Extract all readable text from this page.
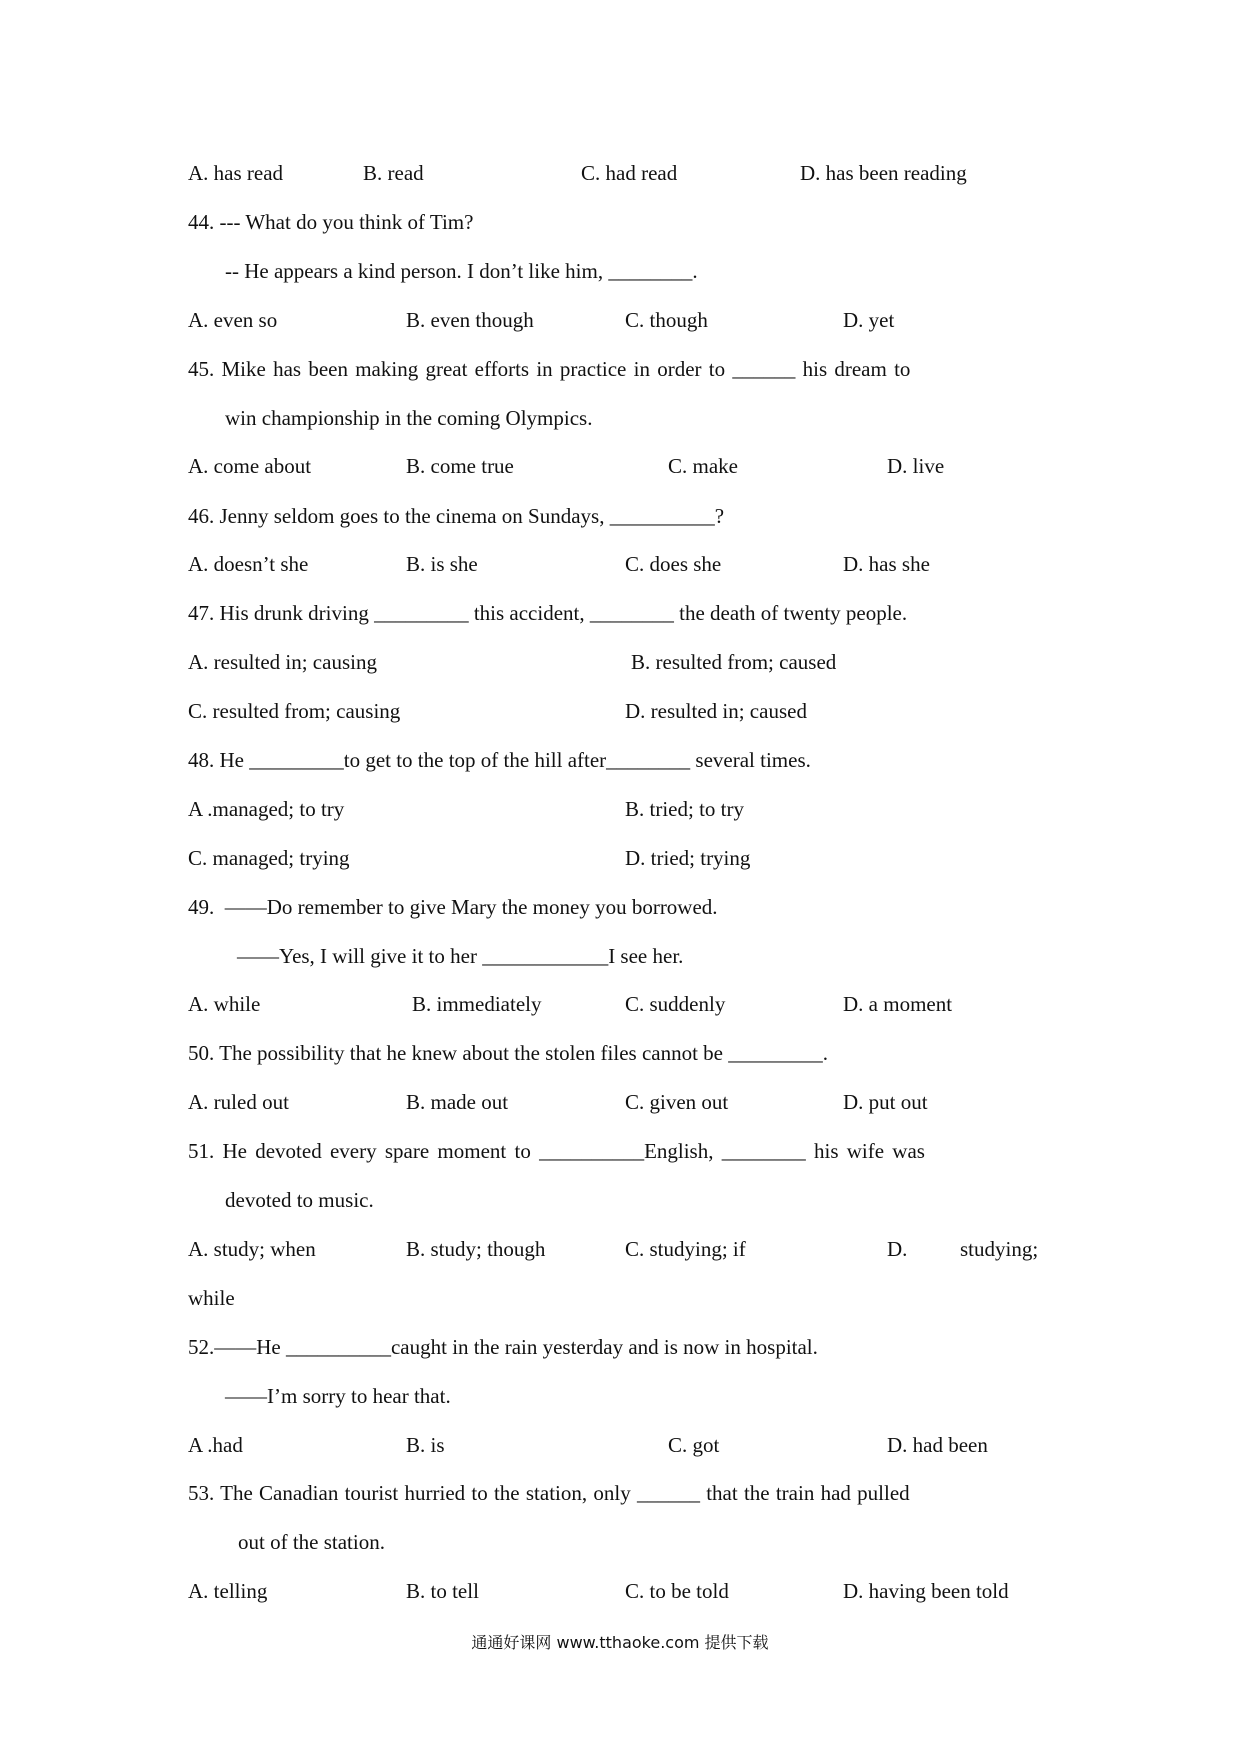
A. has read	B. read	C. had read	D. has been reading
44. --- What do you think of Tim?
-- He appears a kind person. I don’t like him, ________.
A. even so	B. even though	C. though	D. yet
45. Mike has been making great efforts in practice in order to ______ his dream to
win championship in the coming Olympics.
A. come about	B. come true	C. make	D. live
46. Jenny seldom goes to the cinema on Sundays, __________?
A. doesn’t she	B. is she	C. does she	D. has she
47. His drunk driving _________ this accident, ________ the death of twenty people.
A. resulted in; causing	B. resulted from; caused
C. resulted from; causing	D. resulted in; caused
48. He _________to get to the top of the hill after________ several times.
A .managed; to try	B. tried; to try
C. managed; trying	D. tried; trying
49.  ——Do remember to give Mary the money you borrowed.
——Yes, I will give it to her ____________I see her.
A. while	B. immediately	C. suddenly	D. a moment
50. The possibility that he knew about the stolen files cannot be _________.
A. ruled out	B. made out	C. given out	D. put out
51. He devoted every spare moment to __________English, ________ his wife was
devoted to music.
A. study; when	B. study; though	C. studying; if	D.	studying;
while
52.——He __________caught in the rain yesterday and is now in hospital.
——I’m sorry to hear that.
A .had	B. is	C. got	D. had been
53. The Canadian tourist hurried to the station, only ______ that the train had pulled
out of the station.
A. telling	B. to tell	C. to be told	D. having been told
通通好课网 www.tthaoke.com 提供下载
